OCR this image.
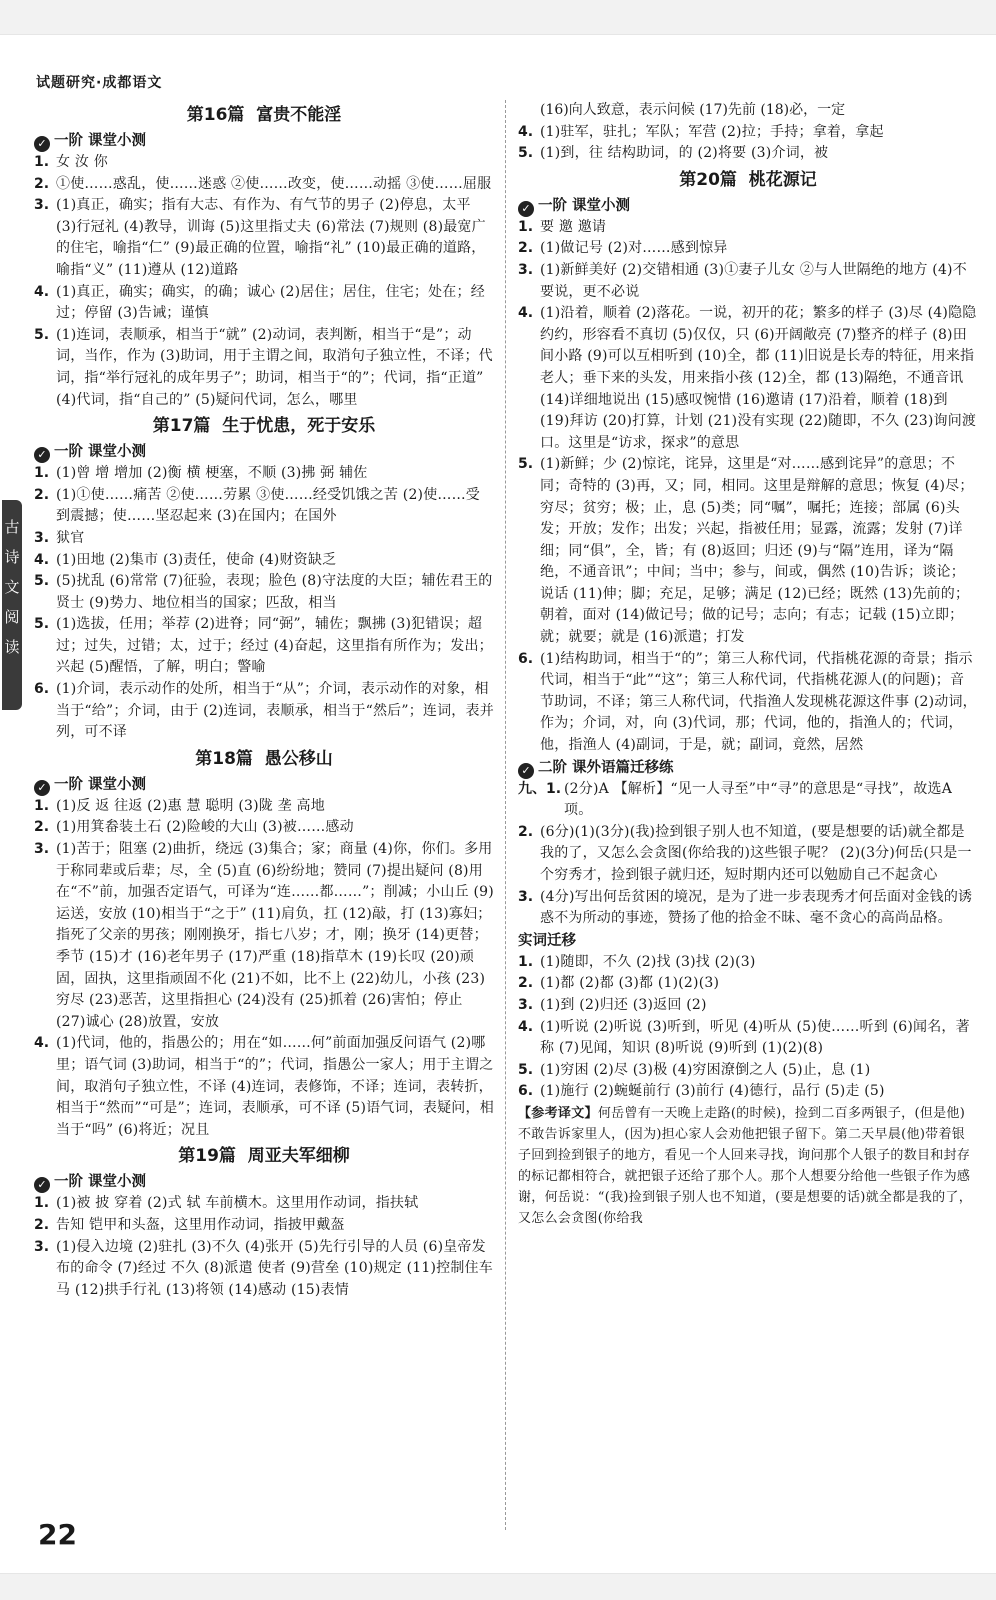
试题研究·成都语文
古诗文阅读
第16篇  富贵不能淫
✓ 一阶 课堂小测
1. 女 汝 你
2. ①使……惑乱，使……迷惑 ②使……改变，使……动摇 ③使……屈服
3. (1)真正，确实；指有大志、有作为、有气节的男子 (2)停息，太平 (3)行冠礼 (4)教导，训诲 (5)这里指丈夫 (6)常法 (7)规则 (8)最宽广的住宅，喻指“仁” (9)最正确的位置，喻指“礼” (10)最正确的道路，喻指“义” (11)遵从 (12)道路
4. (1)真正，确实；确实，的确；诚心 (2)居住；居住，住宅；处在；经过；停留 (3)告诫；谨慎
5. (1)连词，表顺承，相当于“就” (2)动词，表判断，相当于“是”；动词，当作，作为 (3)助词，用于主谓之间，取消句子独立性，不译；代词，指“举行冠礼的成年男子”；助词，相当于“的”；代词，指“正道” (4)代词，指“自己的” (5)疑问代词，怎么，哪里
第17篇  生于忧患，死于安乐
✓ 一阶 课堂小测
1. (1)曾 增 增加 (2)衡 横 梗塞，不顺 (3)拂 弼 辅佐
2. (1)①使……痛苦 ②使……劳累 ③使……经受饥饿之苦 (2)使……受到震撼；使……坚忍起来 (3)在国内；在国外
3. 狱官
4. (1)田地 (2)集市 (3)责任，使命 (4)财资缺乏
5. (5)扰乱 (6)常常 (7)征验，表现；脸色 (8)守法度的大臣；辅佐君王的贤士 (9)势力、地位相当的国家；匹敌，相当
5. (1)选拔，任用；举荐 (2)进脊；同“弼”，辅佐；飘拂 (3)犯错误；超过；过失，过错；太，过于；经过 (4)奋起，这里指有所作为；发出；兴起 (5)醒悟，了解，明白；警喻
6. (1)介词，表示动作的处所，相当于“从”；介词，表示动作的对象，相当于“给”；介词，由于 (2)连词，表顺承，相当于“然后”；连词，表并列，可不译
第18篇  愚公移山
✓ 一阶 课堂小测
1. (1)反 返 往返 (2)惠 慧 聪明 (3)陇 垄 高地
2. (1)用箕畚装土石 (2)险峻的大山 (3)被……感动
3. (1)苦于；阻塞 (2)曲折，绕远 (3)集合；家；商量 (4)你，你们。多用于称同辈或后辈；尽，全 (5)直 (6)纷纷地；赞同 (7)提出疑问 (8)用在“不”前，加强否定语气，可译为“连……都……”；削减；小山丘 (9)运送，安放 (10)相当于“之于” (11)肩负，扛 (12)敲，打 (13)寡妇；指死了父亲的男孩；刚刚换牙，指七八岁；才，刚；换牙 (14)更替；季节 (15)才 (16)老年男子 (17)严重 (18)指草木 (19)长叹 (20)顽固，固执，这里指顽固不化 (21)不如，比不上 (22)幼儿，小孩 (23)穷尽 (23)恶苦，这里指担心 (24)没有 (25)抓着 (26)害怕；停止 (27)诚心 (28)放置，安放
4. (1)代词，他的，指愚公的；用在“如……何”前面加强反问语气 (2)哪里；语气词 (3)助词，相当于“的”；代词，指愚公一家人；用于主谓之间，取消句子独立性，不译 (4)连词，表修饰，不译；连词，表转折，相当于“然而”“可是”；连词，表顺承，可不译 (5)语气词，表疑问，相当于“吗” (6)将近；况且
第19篇  周亚夫军细柳
✓ 一阶 课堂小测
1. (1)被 披 穿着 (2)式 轼 车前横木。这里用作动词，指扶轼
2. 告知 铠甲和头盔，这里用作动词，指披甲戴盔
3. (1)侵入边境 (2)驻扎 (3)不久 (4)张开 (5)先行引导的人员 (6)皇帝发布的命令 (7)经过 不久 (8)派遣 使者 (9)营垒 (10)规定 (11)控制住车马 (12)拱手行礼 (13)将领 (14)感动 (15)表情
(16)向人致意，表示问候 (17)先前 (18)必，一定
4. (1)驻军，驻扎；军队；军营 (2)拉；手持；拿着，拿起
5. (1)到，往 结构助词，的 (2)将要 (3)介词，被
第20篇  桃花源记
✓ 一阶 课堂小测
1. 要 邀 邀请
2. (1)做记号 (2)对……感到惊异
3. (1)新鲜美好 (2)交错相通 (3)①妻子儿女 ②与人世隔绝的地方 (4)不要说，更不必说
4. (1)沿着，顺着 (2)落花。一说，初开的花；繁多的样子 (3)尽 (4)隐隐约约，形容看不真切 (5)仅仅，只 (6)开阔敞亮 (7)整齐的样子 (8)田间小路 (9)可以互相听到 (10)全，都 (11)旧说是长寿的特征，用来指老人；垂下来的头发，用来指小孩 (12)全，都 (13)隔绝，不通音讯 (14)详细地说出 (15)感叹惋惜 (16)邀请 (17)沿着，顺着 (18)到 (19)拜访 (20)打算，计划 (21)没有实现 (22)随即，不久 (23)询问渡口。这里是“访求，探求”的意思
5. (1)新鲜；少 (2)惊诧，诧异，这里是“对……感到诧异”的意思；不同；奇特的 (3)再，又；同，相同。这里是辩解的意思；恢复 (4)尽；穷尽；贫穷；极；止，息 (5)类；同“嘱”，嘱托；连接；部属 (6)头发；开放；发作；出发；兴起，指被任用；显露，流露；发射 (7)详细；同“俱”，全，皆；有 (8)返回；归还 (9)与“隔”连用，译为“隔绝，不通音讯”；中间；当中；参与，间或，偶然 (10)告诉；谈论；说话 (11)伸；脚；充足，足够；满足 (12)已经；既然 (13)先前的；朝着，面对 (14)做记号；做的记号；志向；有志；记载 (15)立即；就；就要；就是 (16)派遣；打发
6. (1)结构助词，相当于“的”；第三人称代词，代指桃花源的奇景；指示代词，相当于“此”“这”；第三人称代词，代指桃花源人(的问题)；音节助词，不译；第三人称代词，代指渔人发现桃花源这件事 (2)动词，作为；介词，对，向 (3)代词，那；代词，他的，指渔人的；代词，他，指渔人 (4)副词，于是，就；副词，竟然，居然
✓ 二阶 课外语篇迁移练
九、1. (2分)A 【解析】“见一人寻至”中“寻”的意思是“寻找”，故选A项。
2. (6分)(1)(3分)(我)捡到银子别人也不知道，(要是想要的话)就全都是我的了，又怎么会贪图(你给我的)这些银子呢？ (2)(3分)何岳(只是一个穷秀才，捡到银子就归还，短时期内还可以勉励自己不起贪心
3. (4分)写出何岳贫困的境况，是为了进一步表现秀才何岳面对金钱的诱惑不为所动的事迹，赞扬了他的拾金不昧、毫不贪心的高尚品格。
实词迁移
1. (1)随即，不久 (2)找 (3)找 (2)(3)
2. (1)都 (2)都 (3)都 (1)(2)(3)
3. (1)到 (2)归还 (3)返回 (2)
4. (1)听说 (2)听说 (3)听到，听见 (4)听从 (5)使……听到 (6)闻名，著称 (7)见闻，知识 (8)听说 (9)听到 (1)(2)(8)
5. (1)穷困 (2)尽 (3)极 (4)穷困潦倒之人 (5)止，息 (1)
6. (1)施行 (2)蜿蜒前行 (3)前行 (4)德行，品行 (5)走 (5)
【参考译文】何岳曾有一天晚上走路(的时候)，捡到二百多两银子，(但是他)不敢告诉家里人，(因为)担心家人会劝他把银子留下。第二天早晨(他)带着银子回到捡到银子的地方，看见一个人回来寻找，询问那个人银子的数目和封存的标记都相符合，就把银子还给了那个人。那个人想要分给他一些银子作为感谢，何岳说：“(我)捡到银子别人也不知道，(要是想要的话)就全都是我的了，又怎么会贪图(你给我
22
